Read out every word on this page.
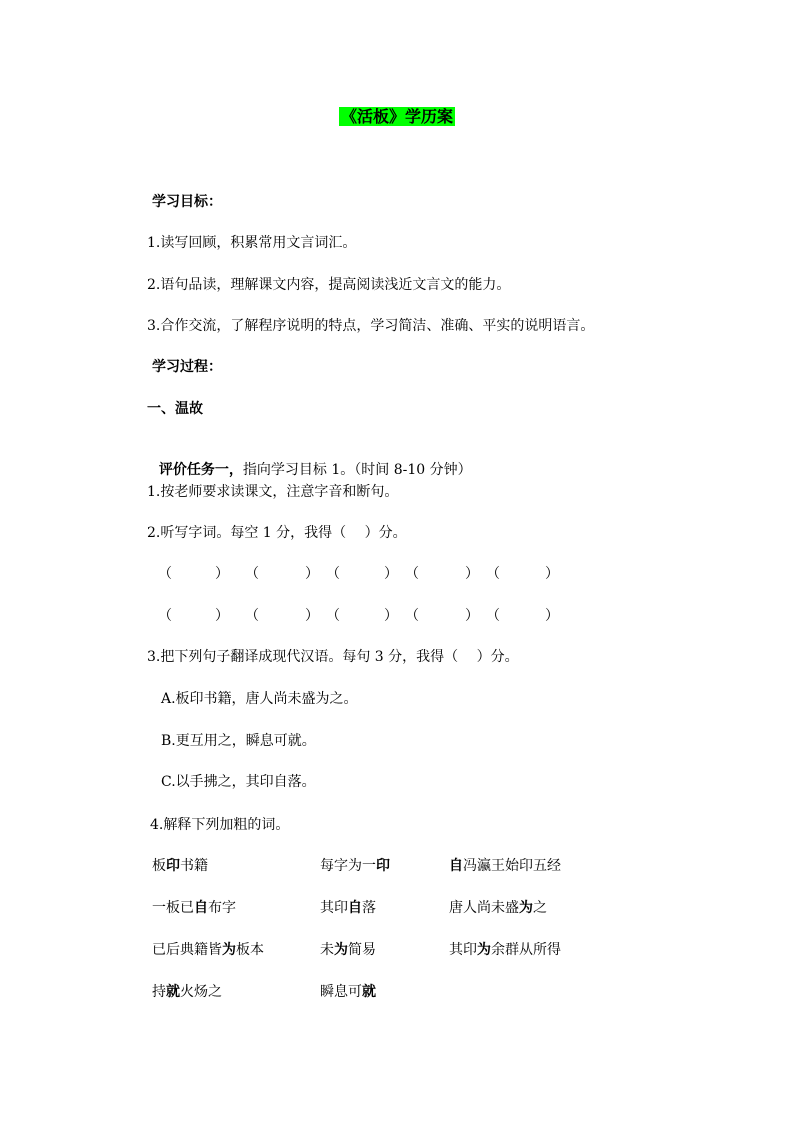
《活板》学历案
学习目标：
1.读写回顾，积累常用文言词汇。
2.语句品读，理解课文内容，提高阅读浅近文言文的能力。
3.合作交流，了解程序说明的特点，学习简洁、准确、平实的说明语言。
学习过程：
一、温故

评价任务一，指向学习目标 1。（时间 8-10 分钟）

1.按老师要求读课文，注意字音和断句。
2.听写字词。每空 1 分，我得（　 ）分。
（	） （	） （	） （	） （	）
（	） （	） （	） （	） （	）
3.把下列句子翻译成现代汉语。每句 3 分，我得（　 ）分。
A.板印书籍，唐人尚未盛为之。
B.更互用之，瞬息可就。
C.以手拂之，其印自落。
4.解释下列加粗的词。
板印书籍	每字为一印	自冯瀛王始印五经
一板已自布字	其印自落	唐人尚未盛为之
已后典籍皆为板本	未为简易	其印为余群从所得
持就火炀之	瞬息可就
